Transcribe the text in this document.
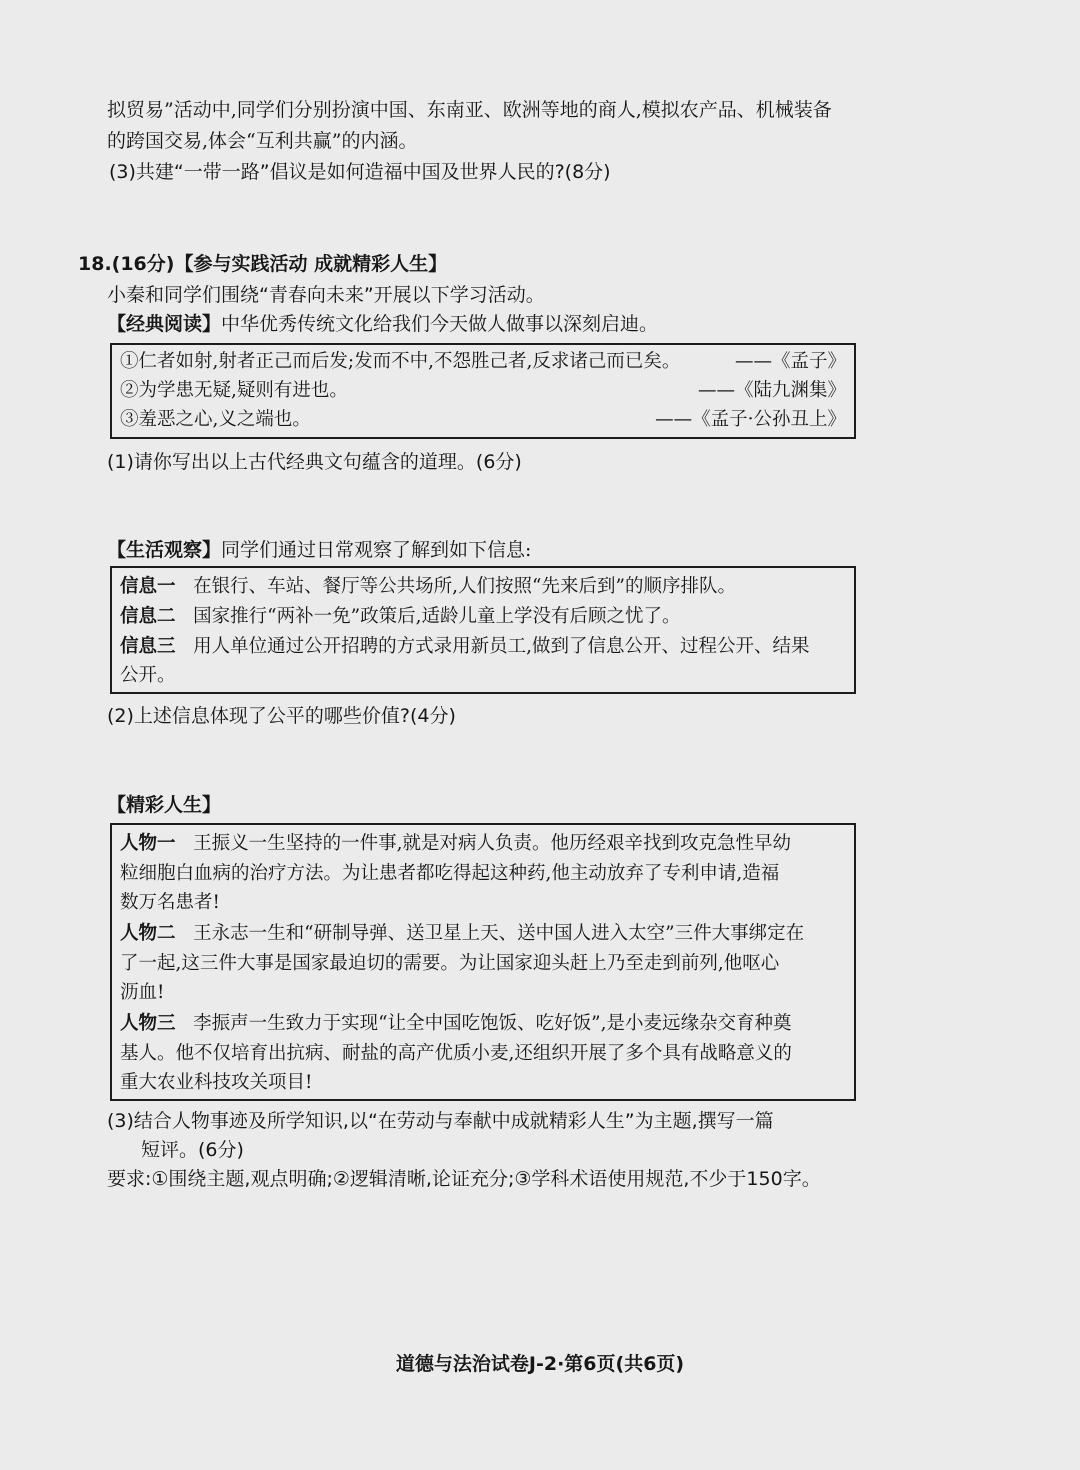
拟贸易”活动中,同学们分别扮演中国、东南亚、欧洲等地的商人,模拟农产品、机械装备
的跨国交易,体会“互利共赢”的内涵。
(3)共建“一带一路”倡议是如何造福中国及世界人民的?(8分)
18.(16分)【参与实践活动 成就精彩人生】
小秦和同学们围绕“青春向未来”开展以下学习活动。
【经典阅读】中华优秀传统文化给我们今天做人做事以深刻启迪。
①仁者如射,射者正己而后发;发而不中,不怨胜己者,反求诸己而已矣。	——《孟子》
②为学患无疑,疑则有进也。	——《陆九渊集》
③羞恶之心,义之端也。	——《孟子·公孙丑上》
(1)请你写出以上古代经典文句蕴含的道理。(6分)
【生活观察】同学们通过日常观察了解到如下信息:
信息一 在银行、车站、餐厅等公共场所,人们按照“先来后到”的顺序排队。
信息二 国家推行“两补一免”政策后,适龄儿童上学没有后顾之忧了。
信息三 用人单位通过公开招聘的方式录用新员工,做到了信息公开、过程公开、结果
公开。
(2)上述信息体现了公平的哪些价值?(4分)
【精彩人生】
人物一 王振义一生坚持的一件事,就是对病人负责。他历经艰辛找到攻克急性早幼
粒细胞白血病的治疗方法。为让患者都吃得起这种药,他主动放弃了专利申请,造福
数万名患者!
人物二 王永志一生和“研制导弹、送卫星上天、送中国人进入太空”三件大事绑定在
了一起,这三件大事是国家最迫切的需要。为让国家迎头赶上乃至走到前列,他呕心
沥血!
人物三 李振声一生致力于实现“让全中国吃饱饭、吃好饭”,是小麦远缘杂交育种奠
基人。他不仅培育出抗病、耐盐的高产优质小麦,还组织开展了多个具有战略意义的
重大农业科技攻关项目!
(3)结合人物事迹及所学知识,以“在劳动与奉献中成就精彩人生”为主题,撰写一篇
短评。(6分)
要求:①围绕主题,观点明确;②逻辑清晰,论证充分;③学科术语使用规范,不少于150字。
道德与法治试卷J-2·第6页(共6页)
